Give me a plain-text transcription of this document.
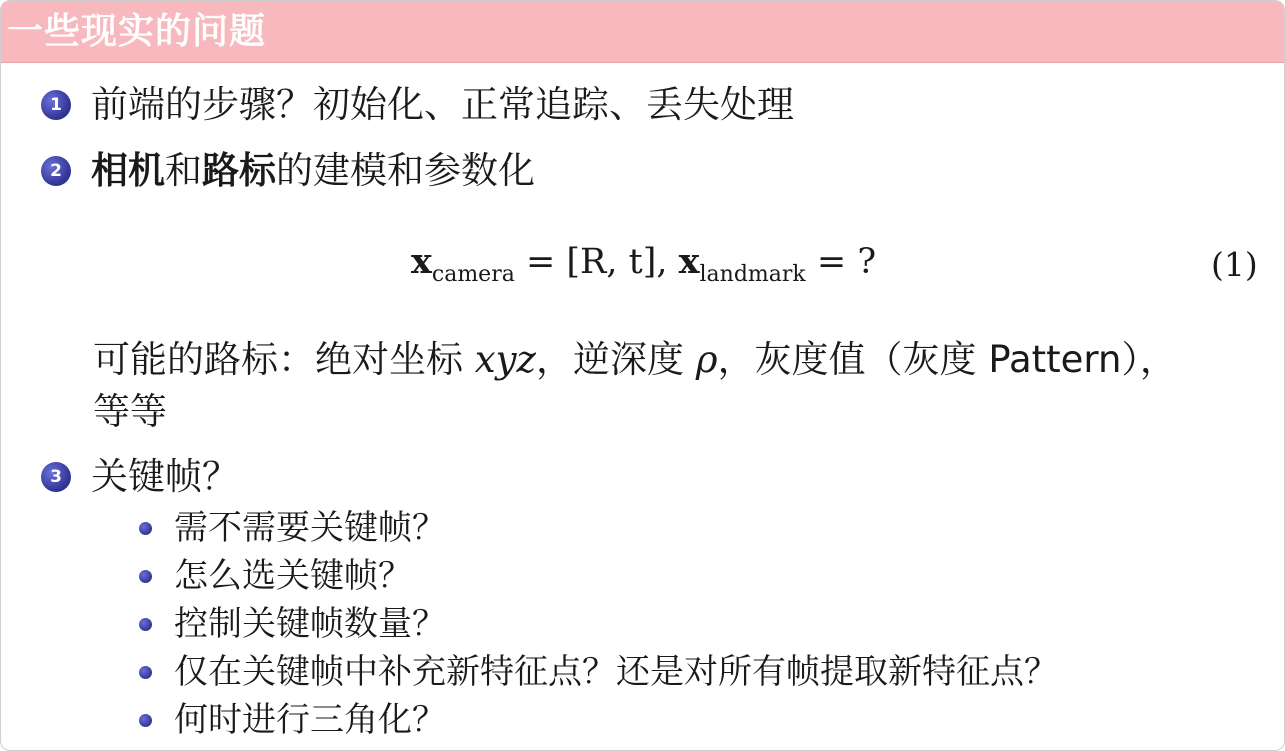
一些现实的问题
1 前端的步骤？初始化、正常追踪、丢失处理
2 相机和路标的建模和参数化
x camera = [R, t], x landmark = ?	(1)
可能的路标：绝对坐标 xyz，逆深度 ρ，灰度值（灰度 Pattern），
等等
3 关键帧？
需不需要关键帧？
怎么选关键帧？
控制关键帧数量？
仅在关键帧中补充新特征点？还是对所有帧提取新特征点？
何时进行三角化？
